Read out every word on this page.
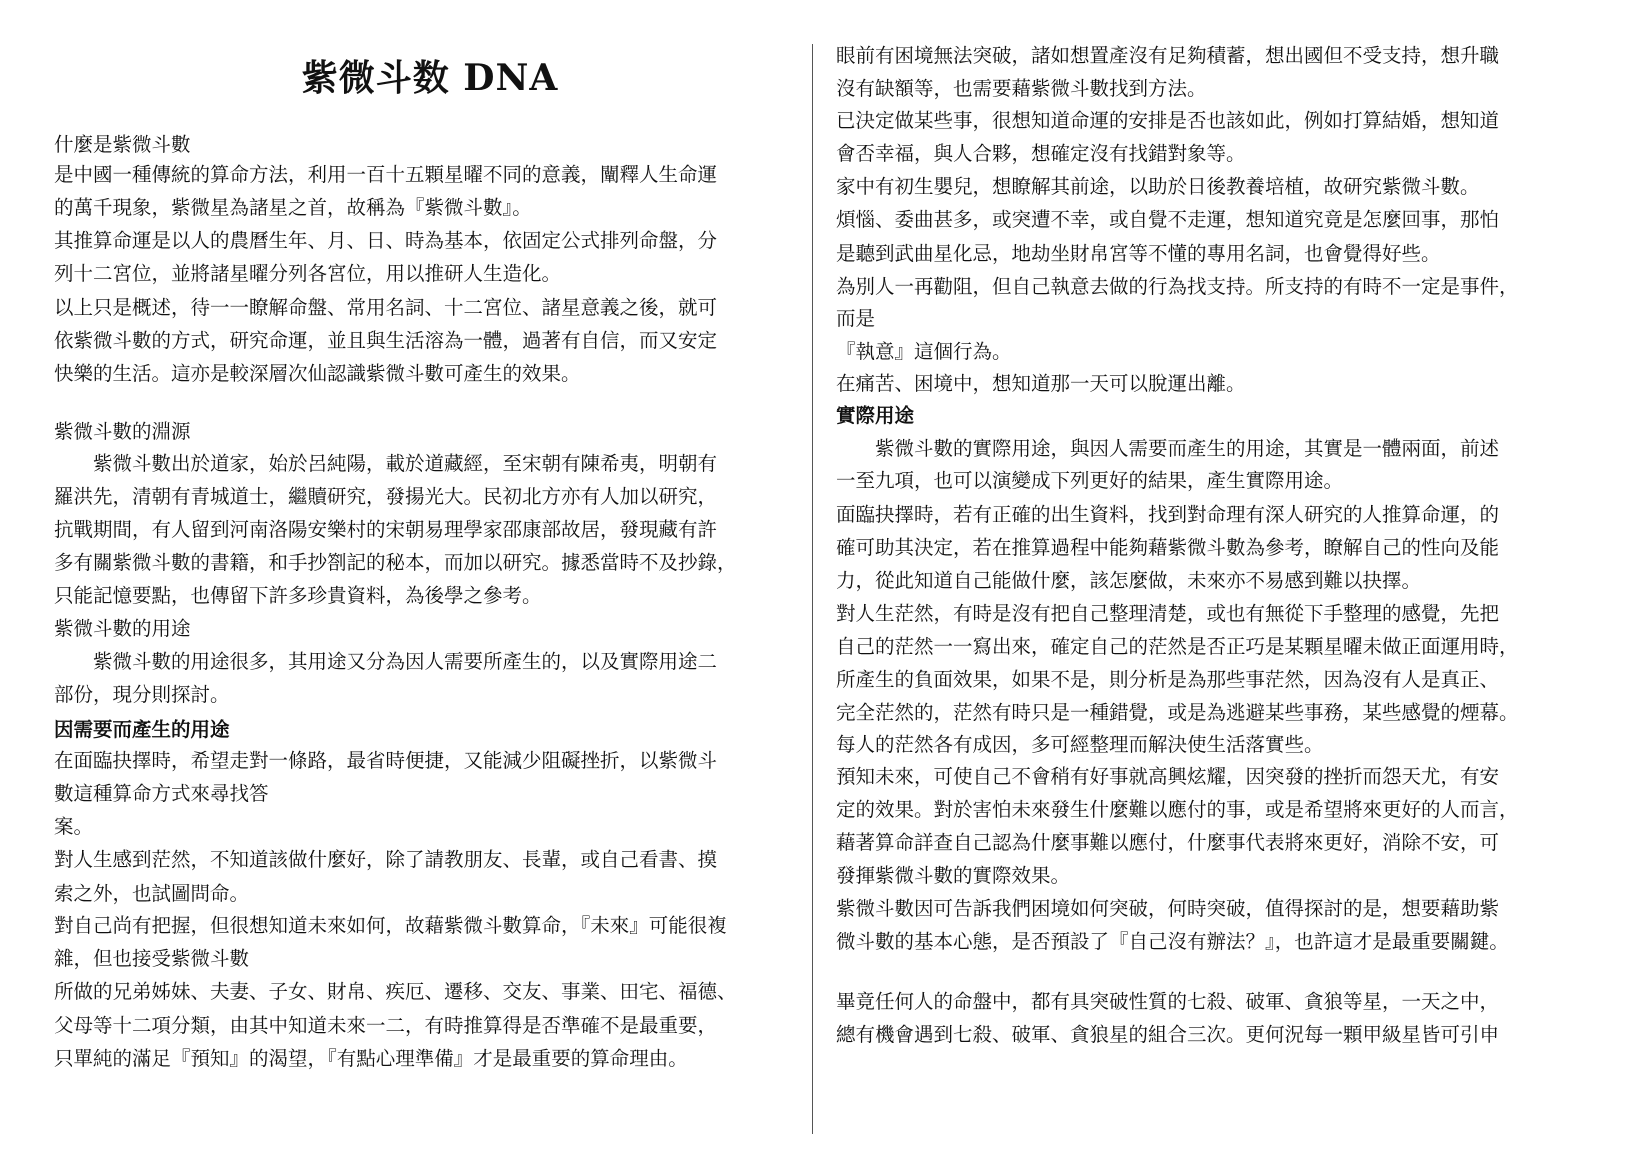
紫微斗数 DNA
什麼是紫微斗數
是中國一種傳統的算命方法，利用一百十五顆星曜不同的意義，闡釋人生命運
的萬千現象，紫微星為諸星之首，故稱為『紫微斗數』。
其推算命運是以人的農曆生年、月、日、時為基本，依固定公式排列命盤，分
列十二宮位，並將諸星曜分列各宮位，用以推研人生造化。
以上只是概述，待一一瞭解命盤、常用名詞、十二宮位、諸星意義之後，就可
依紫微斗數的方式，研究命運，並且與生活溶為一體，過著有自信，而又安定
快樂的生活。這亦是較深層次仙認識紫微斗數可產生的效果。
紫微斗數的淵源
　　紫微斗數出於道家，始於呂純陽，載於道藏經，至宋朝有陳希夷，明朝有
羅洪先，清朝有青城道士，繼贖研究，發揚光大。民初北方亦有人加以研究，
抗戰期間，有人留到河南洛陽安樂村的宋朝易理學家邵康部故居，發現藏有許
多有關紫微斗數的書籍，和手抄劄記的秘本，而加以研究。據悉當時不及抄錄，
只能記憶要點，也傳留下許多珍貴資料，為後學之參考。
紫微斗數的用途
　　紫微斗數的用途很多，其用途又分為因人需要所產生的，以及實際用途二
部份，現分則探討。
因需要而產生的用途
在面臨抉擇時，希望走對一條路，最省時便捷，又能減少阻礙挫折，以紫微斗
數這種算命方式來尋找答
案。
對人生感到茫然，不知道該做什麼好，除了請教朋友、長輩，或自己看書、摸
索之外，也試圖問命。
對自己尚有把握，但很想知道未來如何，故藉紫微斗數算命，『未來』可能很複
雜，但也接受紫微斗數
所做的兄弟姊妹、夫妻、子女、財帛、疾厄、遷移、交友、事業、田宅、福德、
父母等十二項分類，由其中知道未來一二，有時推算得是否準確不是最重要，
只單純的滿足『預知』的渴望，『有點心理準備』才是最重要的算命理由。
眼前有困境無法突破，諸如想置產沒有足夠積蓄，想出國但不受支持，想升職
沒有缺額等，也需要藉紫微斗數找到方法。
已決定做某些事，很想知道命運的安排是否也該如此，例如打算結婚，想知道
會否幸福，與人合夥，想確定沒有找錯對象等。
家中有初生嬰兒，想瞭解其前途，以助於日後教養培植，故研究紫微斗數。
煩惱、委曲甚多，或突遭不幸，或自覺不走運，想知道究竟是怎麼回事，那怕
是聽到武曲星化忌，地劫坐財帛宮等不懂的專用名詞，也會覺得好些。
為別人一再勸阻，但自己執意去做的行為找支持。所支持的有時不一定是事件，
而是
『執意』這個行為。
在痛苦、困境中，想知道那一天可以脫運出離。
實際用途
　　紫微斗數的實際用途，與因人需要而產生的用途，其實是一體兩面，前述
一至九項，也可以演變成下列更好的結果，產生實際用途。
面臨抉擇時，若有正確的出生資料，找到對命理有深人研究的人推算命運，的
確可助其決定，若在推算過程中能夠藉紫微斗數為參考，瞭解自己的性向及能
力，從此知道自己能做什麼，該怎麼做，未來亦不易感到難以抉擇。
對人生茫然，有時是沒有把自己整理清楚，或也有無從下手整理的感覺，先把
自己的茫然一一寫出來，確定自己的茫然是否正巧是某顆星曜未做正面運用時，
所產生的負面效果，如果不是，則分析是為那些事茫然，因為沒有人是真正、
完全茫然的，茫然有時只是一種錯覺，或是為逃避某些事務，某些感覺的煙幕。
每人的茫然各有成因，多可經整理而解決使生活落實些。
預知未來，可使自己不會稍有好事就高興炫耀，因突發的挫折而怨天尤，有安
定的效果。對於害怕未來發生什麼難以應付的事，或是希望將來更好的人而言，
藉著算命詳查自己認為什麼事難以應付，什麼事代表將來更好，消除不安，可
發揮紫微斗數的實際效果。
紫微斗數因可告訴我們困境如何突破，何時突破，值得探討的是，想要藉助紫
微斗數的基本心態，是否預設了『自己沒有辦法？』，也許這才是最重要關鍵。
畢竟任何人的命盤中，都有具突破性質的七殺、破軍、貪狼等星，一天之中，
總有機會遇到七殺、破軍、貪狼星的組合三次。更何況每一顆甲級星皆可引申
